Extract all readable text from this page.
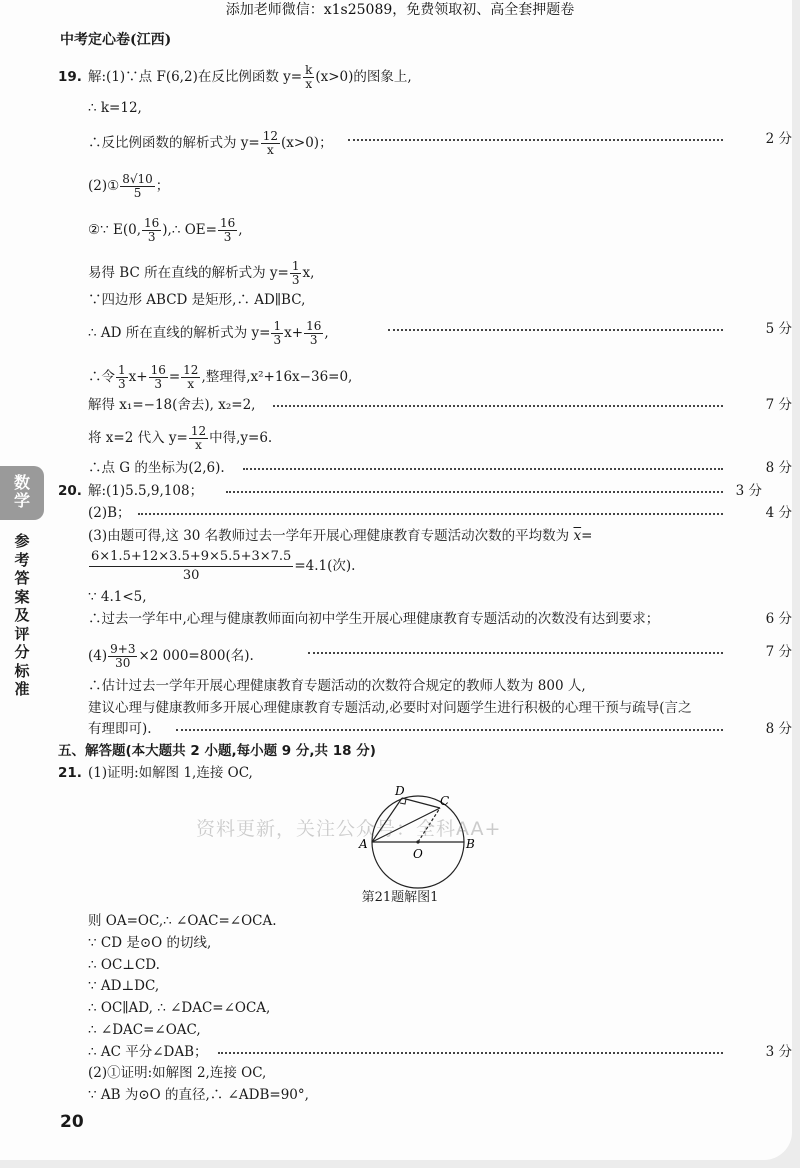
添加老师微信：x1s25089，免费领取初、高全套押题卷
中考定心卷(江西)
数
学
参考答案及评分标准
19. 解:(1)∵点 F(6,2)在反比例函数 $y= \frac{k}{x} (x>0)$的图象上,
∴ k=12,
∴反比例函数的解析式为 $y= \frac{12}{x} (x>0)$；	2 分
(2)① $\frac{8√10}{5}$ ；
②∵ E(0, $\frac{16}{3}$ ),∴ $OE= \frac{16}{3}$ ,
易得 BC 所在直线的解析式为 $y= \frac{1}{3} x$,
∵四边形 ABCD 是矩形,∴ AD∥BC,
∴ AD 所在直线的解析式为 $y= \frac{1}{3} x+ \frac{16}{3}$ ,	5 分
∴令 $\frac{1}{3} x+ \frac{16}{3} = \frac{12}{x}$ ,整理得,x²+16x−36=0,
解得 x₁=−18(舍去), x₂=2,	7 分
将 x=2 代入 $y= \frac{12}{x}$ 中得,y=6.
∴点 G 的坐标为(2,6).	8 分
20. 解:(1)5.5,9,108；	3 分
(2)B；	4 分
(3)由题可得,这 30 名教师过去一学年开展心理健康教育专题活动次数的平均数为 $\overline{x}=$
$\frac{6\times 1.5+12\times 3.5+9\times 5.5+3\times 7.5}{30} =4.1$(次).
∵ 4.1<5,
∴过去一学年中,心理与健康教师面向初中学生开展心理健康教育专题活动的次数没有达到要求；	6 分
$(4) \frac{9+3}{30} \times 2$ 000=800(名).	7 分
∴估计过去一学年开展心理健康教育专题活动的次数符合规定的教师人数为 800 人,
建议心理与健康教师多开展心理健康教育专题活动,必要时对问题学生进行积极的心理干预与疏导(言之
有理即可).	8 分
五、解答题(本大题共 2 小题,每小题 9 分,共 18 分)
21. (1)证明:如解图 1,连接 OC,
则 OA=OC,∴ ∠OAC=∠OCA.
∵ CD 是⊙O 的切线,
∴ OC⊥CD.
∵ AD⊥DC,
∴ OC∥AD, ∴ ∠DAC=∠OCA,
∴ ∠DAC=∠OAC,
∴ AC 平分∠DAB；	3 分
(2)①证明:如解图 2,连接 OC,
∵ AB 为⊙O 的直径,∴ ∠ADB=90°,
D
C
A
O
B
资料更新，关注公众号：全科AA+
第21题解图1
20
